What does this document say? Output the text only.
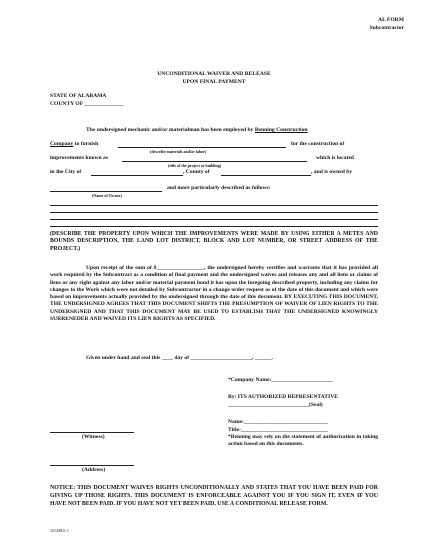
AL FORM
Subcontractor
UNCONDITIONAL WAIVER AND RELEASE
UPON FINAL PAYMENT
STATE OF ALABAMA
COUNTY OF ______________
The undersigned mechanic and/or materialman has been employed by Benning Construction
Company to furnish	for the construction of
(describe materials and/or labor)
improvements known as	which is located
(title of the project or building)
in the City of	, County of	, and is owned by
and more particularly described as follows:
(Name of Owner)
(DESCRIBE THE PROPERTY UPON WHICH THE IMPROVEMENTS WERE MADE BY USING EITHER A METES AND BOUNDS DESCRIPTION, THE LAND LOT DISTRICT, BLOCK AND LOT NUMBER, OR STREET ADDRESS OF THE PROJECT.)
Upon receipt of the sum of $_________________, the undersigned hereby certifies and warrants that it has provided all work required by the Subcontract as a condition of final payment and the undersigned waives and releases any and all liens or claims of liens or any right against any labor and/or material payment bond it has upon the foregoing described property, including any claims for changes to the Work which were not detailed by Subcontractor in a change order request as of the date of this document and which were based on improvements actually provided by the undersigned through the date of this document. BY EXECUTING THIS DOCUMENT, THE UNDERSIGNED AGREES THAT THIS DOCUMENT SHIFTS THE PRESUMPTION OF WAIVER OF LIEN RIGHTS TO THE UNDERSIGNED AND THAT THIS DOCUMENT MAY BE USED TO ESTABLISH THAT THE UNDERSIGNED KNOWINGLY SURRENEDER AND WAIVED ITS LIEN RIGHTS AS SPECIFIED.
Given under hand and seal this ____ day of ______________________, ______.
*Company Name:______________________
By: ITS AUTHORIZED REPRESENTATIVE
_____________________________(Seal)
Name:______________________________
Title:_______________________________
*Benning may rely on the statement of authorization in taking action based on this documents.
(Witness)
(Address)
NOTICE: THIS DOCUMENT WAIVES RIGHTS UNCONDITIONALLY AND STATES THAT YOU HAVE BEEN PAID FOR GIVING UP THOSE RIGHTS. THIS DOCUMENT IS ENFORCEABLE AGAINST YOU IF YOU SIGN IT, EVEN IF YOU HAVE NOT BEEN PAID. IF YOU HAVE NOT YET BEEN PAID, USE A CONDITIONAL RELEASE FORM.
10143811.1
